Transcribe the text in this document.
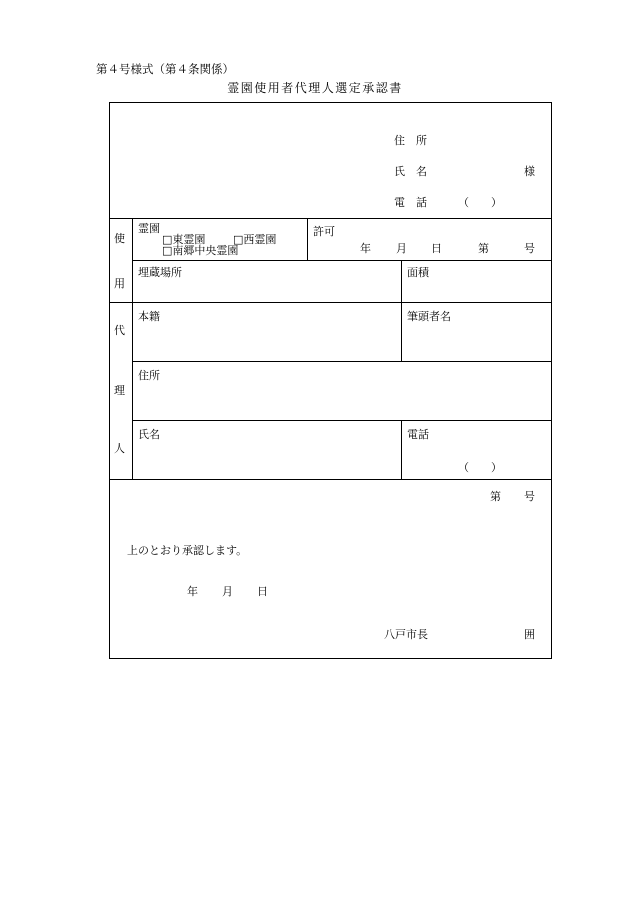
第４号様式（第４条関係）
霊園使用者代理人選定承認書
住　所
氏　名	様
電　話	（　　）
使
用
霊園
□東霊園	□西霊園
□南郷中央霊園
許可
年 月 日	第	号
埋蔵場所	面積
代
理
人
本籍	筆頭者名
住所
氏名	電話
（　　）
第 号
上のとおり承認します。
年 月 日
八戸市長	囲
